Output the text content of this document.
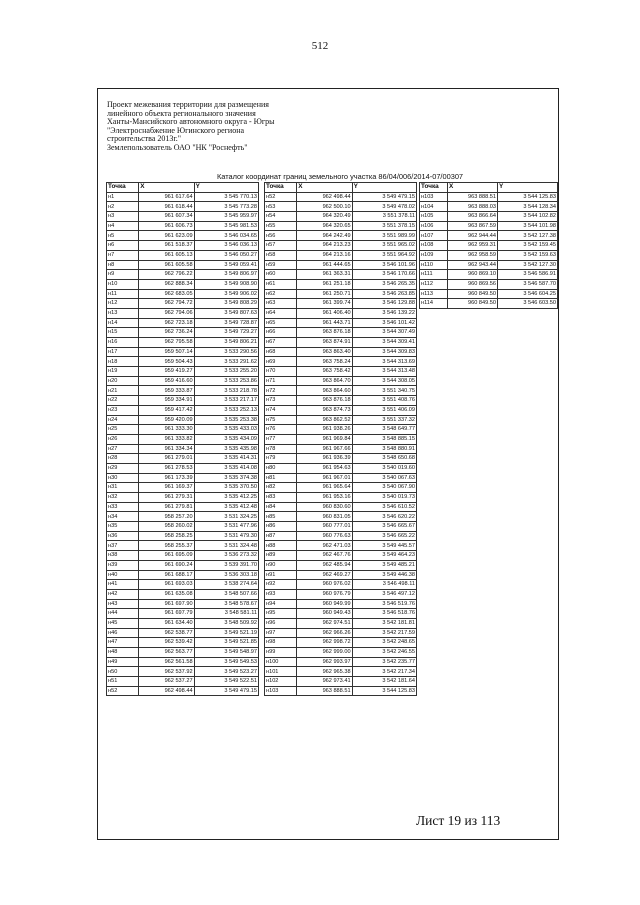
512
Проект межевания территории для размещения
линейного объекта регионального значения
Ханты-Мансийского автономного округа - Югры
"Электроснабжение Югинского региона
строительства 2013г."
Землепользователь ОАО "НК "Роснефть"
Каталог координат границ земельного участка 86/04/006/2014-07/00307
Точка	X	Y
н1	961 617.64	3 545 770.13
н2	961 618.44	3 545 773.28
н3	961 607.34	3 545 959.97
н4	961 606.73	3 545 981.53
н5	961 623.09	3 546 034.65
н6	961 518.37	3 546 036.13
н7	961 605.13	3 546 050.27
н8	961 605.58	3 549 059.41
н9	962 796.22	3 549 806.97
н10	962 888.34	3 549 908.90
н11	962 683.05	3 549 906.02
н12	962 794.72	3 549 808.29
н13	962 794.06	3 549 807.63
н14	962 723.18	3 549 728.87
н15	962 736.24	3 549 729.27
н16	962 795.58	3 549 806.21
н17	959 507.14	3 533 290.56
н18	959 504.43	3 533 291.62
н19	959 419.27	3 533 255.20
н20	959 416.60	3 533 253.86
н21	959 333.87	3 533 218.78
н22	959 334.91	3 533 217.17
н23	959 417.42	3 533 252.13
н24	959 420.09	3 535 253.38
н25	961 333.30	3 535 433.03
н26	961 333.82	3 535 434.09
н27	961 334.34	3 535 435.98
н28	961 279.01	3 535 414.31
н29	961 278.53	3 535 414.08
н30	961 173.39	3 535 374.38
н31	961 169.37	3 535 370.50
н32	961 279.31	3 535 412.25
н33	961 279.81	3 535 412.48
н34	958 257.20	3 531 324.25
н35	958 260.02	3 531 477.96
н36	958 258.25	3 531 479.30
н37	958 255.37	3 531 324.48
н38	961 695.09	3 536 273.32
н39	961 690.24	3 539 391.70
н40	961 688.17	3 536 303.18
н41	961 693.03	3 538 274.64
н42	961 635.08	3 548 507.66
н43	961 697.90	3 548 578.67
н44	961 697.79	3 548 581.11
н45	961 634.40	3 548 509.92
н46	962 538.77	3 549 521.19
н47	962 539.42	3 549 521.85
н48	962 563.77	3 549 548.97
н49	962 561.58	3 549 549.53
н50	962 537.92	3 549 523.27
н51	962 537.27	3 549 522.51
н52	962 498.44	3 549 479.15
Точка	X	Y
н52	962 498.44	3 549 479.15
н53	962 500.10	3 549 478.02
н54	964 320.49	3 551 378.11
н55	964 320.65	3 551 378.15
н56	964 242.49	3 551 989.99
н57	964 213.23	3 551 965.02
н58	964 213.16	3 551 964.92
н59	961 444.65	3 546 101.96
н60	961 363.31	3 546 170.66
н61	961 251.18	3 546 265.35
н62	961 250.71	3 546 263.85
н63	961 399.74	3 546 129.88
н64	961 406.40	3 546 139.22
н65	961 443.71	3 546 101.42
н66	963 876.18	3 544 307.49
н67	963 874.91	3 544 309.41
н68	963 863.40	3 544 309.83
н69	963 758.24	3 544 313.69
н70	963 758.42	3 544 313.48
н71	963 864.70	3 544 308.05
н72	963 864.60	3 551 340.75
н73	963 876.18	3 551 408.76
н74	963 874.73	3 551 406.09
н75	963 862.52	3 551 337.32
н76	961 938.26	3 548 649.77
н77	961 969.84	3 548 885.15
н78	961 967.66	3 548 880.91
н79	961 936.39	3 548 650.68
н80	961 954.63	3 540 019.60
н81	961 967.01	3 540 067.63
н82	961 965.64	3 540 067.90
н83	961 953.16	3 540 019.73
н84	960 830.60	3 546 610.52
н85	960 831.05	3 546 620.22
н86	960 777.01	3 546 665.67
н87	960 776.63	3 546 665.22
н88	962 471.03	3 549 445.57
н89	962 467.76	3 549 464.23
н90	962 485.94	3 549 485.21
н91	962 469.27	3 549 446.38
н92	960 976.02	3 546 498.11
н93	960 976.79	3 546 497.12
н94	960 949.99	3 546 519.76
н95	960 949.43	3 546 518.76
н96	962 974.51	3 542 181.81
н97	962 966.26	3 542 217.59
н98	962 998.72	3 542 248.65
н99	962 999.00	3 542 246.55
н100	962 993.97	3 542 235.77
н101	962 965.38	3 542 217.34
н102	962 973.41	3 542 181.64
н103	963 888.51	3 544 125.83
Точка	X	Y
н103	963 888.51	3 544 125.83
н104	963 888.03	3 544 128.34
н105	963 866.64	3 544 102.82
н106	963 867.59	3 544 101.98
н107	962 944.44	3 542 127.38
н108	962 959.31	3 542 159.45
н109	962 958.59	3 542 159.63
н110	962 943.44	3 542 127.30
н111	960 869.10	3 546 586.91
н112	960 869.56	3 546 587.70
н113	960 849.50	3 546 604.25
н114	960 849.50	3 546 603.50
Лист 19 из 113
